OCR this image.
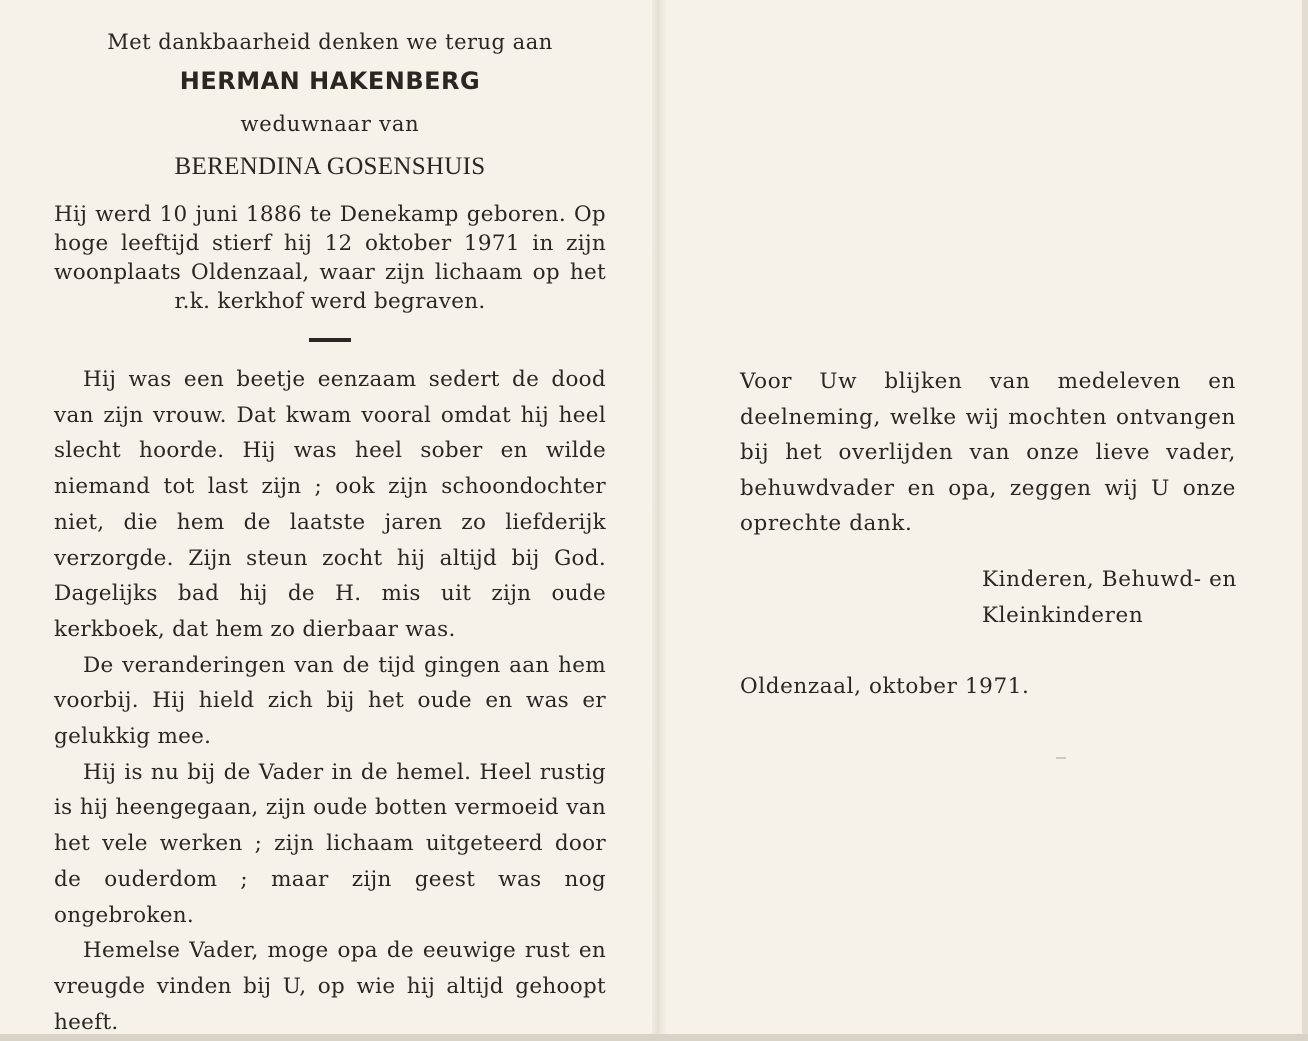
Met dankbaarheid denken we terug aan
HERMAN HAKENBERG
weduwnaar van
BERENDINA GOSENSHUIS
Hij werd 10 juni 1886 te Denekamp geboren. Op hoge leeftijd stierf hij 12 oktober 1971 in zijn woonplaats Oldenzaal, waar zijn lichaam op het r.k. kerkhof werd begraven.

Hij was een beetje eenzaam sedert de dood van zijn vrouw. Dat kwam vooral omdat hij heel slecht hoorde. Hij was heel sober en wilde niemand tot last zijn ; ook zijn schoondochter niet, die hem de laatste jaren zo liefderijk verzorgde. Zijn steun zocht hij altijd bij God. Dagelijks bad hij de H. mis uit zijn oude kerkboek, dat hem zo dierbaar was.

De veranderingen van de tijd gingen aan hem voorbij. Hij hield zich bij het oude en was er gelukkig mee.

Hij is nu bij de Vader in de hemel. Heel rustig is hij heengegaan, zijn oude botten vermoeid van het vele werken ; zijn lichaam uitgeteerd door de ouderdom ; maar zijn geest was nog ongebroken.

Hemelse Vader, moge opa de eeuwige rust en vreugde vinden bij U, op wie hij altijd gehoopt heeft.

Voor Uw blijken van medeleven en deelneming, welke wij mochten ontvangen bij het overlijden van onze lieve vader, behuwdvader en opa, zeggen wij U onze oprechte dank.

Kinderen, Behuwd- en
Kleinkinderen
Oldenzaal, oktober 1971.
